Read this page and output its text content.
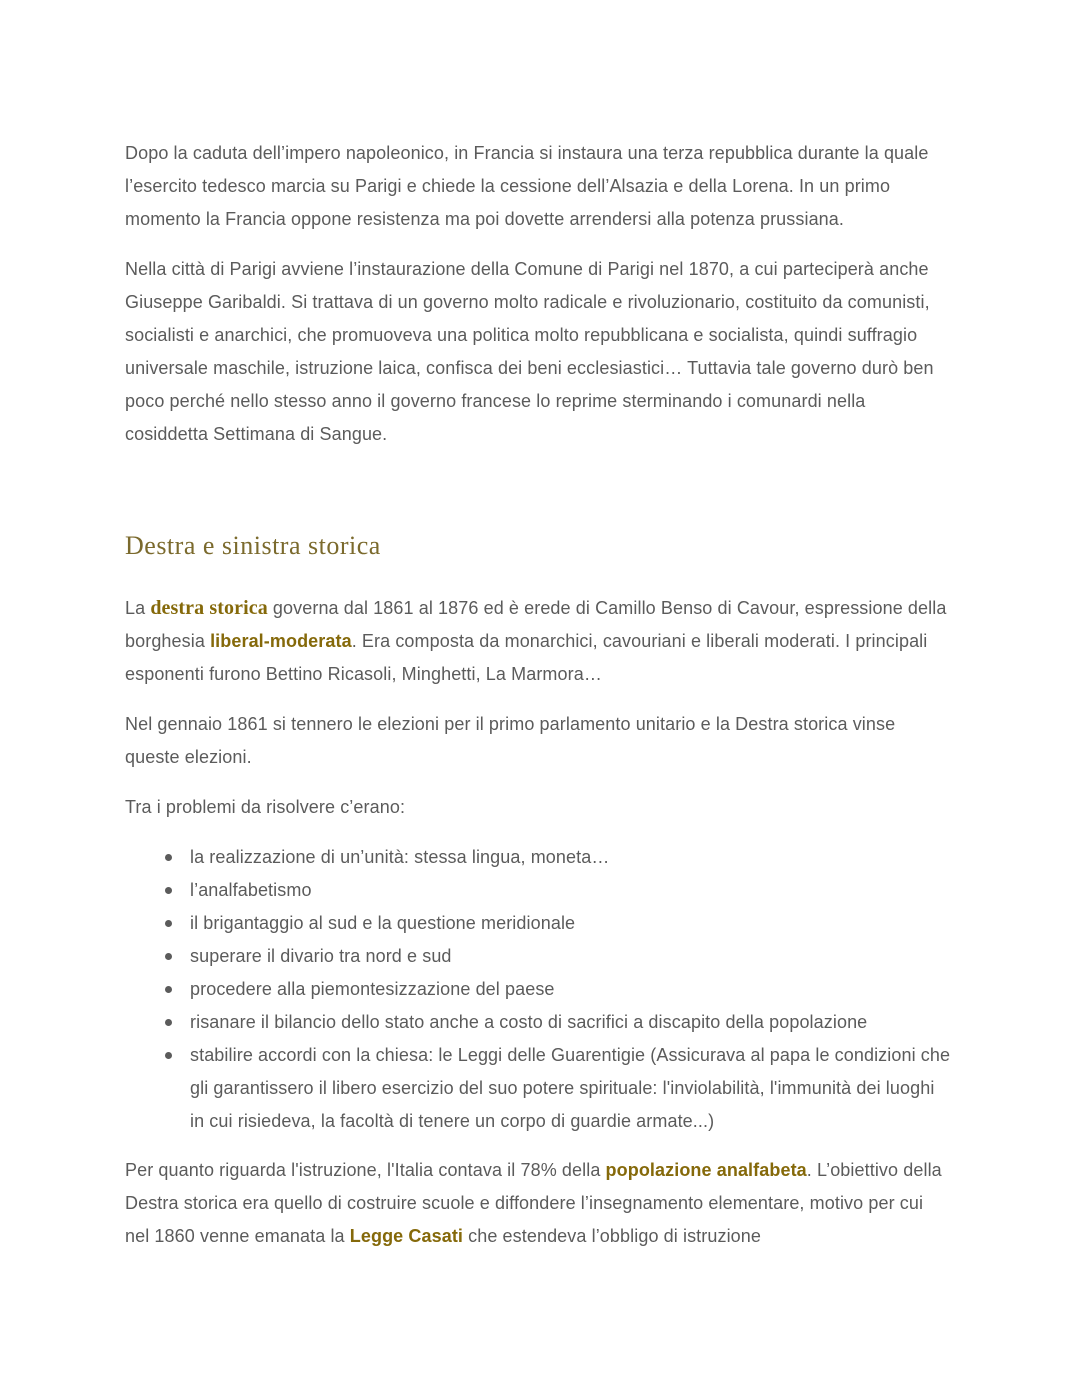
Dopo la caduta dell’impero napoleonico, in Francia si instaura una terza repubblica durante la quale l’esercito tedesco marcia su Parigi e chiede la cessione dell’Alsazia e della Lorena. In un primo momento la Francia oppone resistenza ma poi dovette arrendersi alla potenza prussiana.

Nella città di Parigi avviene l’instaurazione della Comune di Parigi nel 1870, a cui parteciperà anche Giuseppe Garibaldi. Si trattava di un governo molto radicale e rivoluzionario, costituito da comunisti, socialisti e anarchici, che promuoveva una politica molto repubblicana e socialista, quindi suffragio universale maschile, istruzione laica, confisca dei beni ecclesiastici… Tuttavia tale governo durò ben poco perché nello stesso anno il governo francese lo reprime sterminando i comunardi nella cosiddetta Settimana di Sangue.

Destra e sinistra storica

La destra storica governa dal 1861 al 1876 ed è erede di Camillo Benso di Cavour, espressione della borghesia liberal-moderata. Era composta da monarchici, cavouriani e liberali moderati. I principali esponenti furono Bettino Ricasoli, Minghetti, La Marmora…

Nel gennaio 1861 si tennero le elezioni per il primo parlamento unitario e la Destra storica vinse queste elezioni.

Tra i problemi da risolvere c’erano:

la realizzazione di un’unità: stessa lingua, moneta…
l’analfabetismo
il brigantaggio al sud e la questione meridionale
superare il divario tra nord e sud
procedere alla piemontesizzazione del paese
risanare il bilancio dello stato anche a costo di sacrifici a discapito della popolazione
stabilire accordi con la chiesa: le Leggi delle Guarentigie (Assicurava al papa le condizioni che gli garantissero il libero esercizio del suo potere spirituale: l'inviolabilità, l'immunità dei luoghi in cui risiedeva, la facoltà di tenere un corpo di guardie armate...)

Per quanto riguarda l'istruzione, l'Italia contava il 78% della popolazione analfabeta. L’obiettivo della Destra storica era quello di costruire scuole e diffondere l’insegnamento elementare, motivo per cui nel 1860 venne emanata la Legge Casati che estendeva l’obbligo di istruzione
